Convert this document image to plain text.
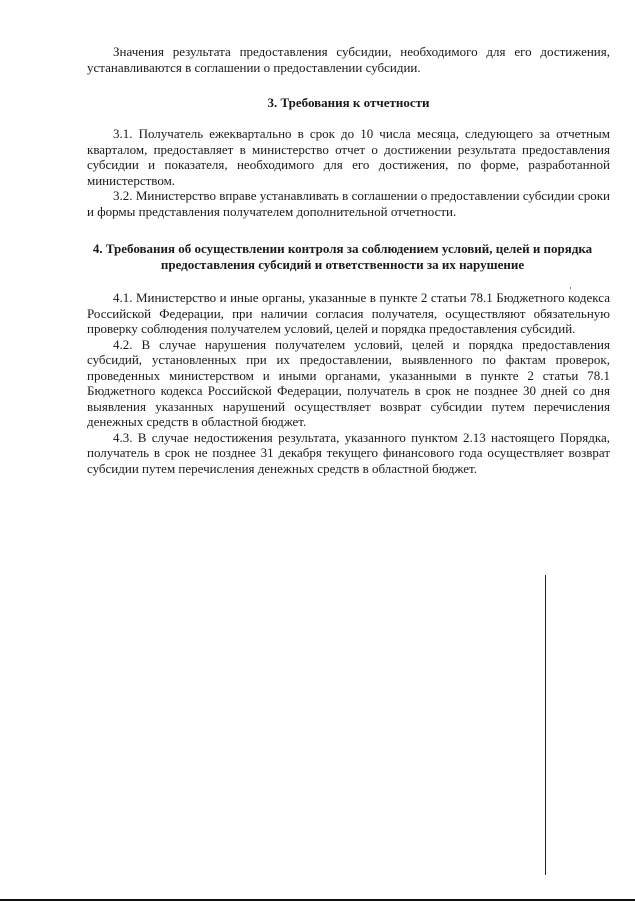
Значения результата предоставления субсидии, необходимого для его достижения, устанавливаются в соглашении о предоставлении субсидии.

3. Требования к отчетности

3.1. Получатель ежеквартально в срок до 10 числа месяца, следующего за отчетным кварталом, предоставляет в министерство отчет о достижении результата предоставления субсидии и показателя, необходимого для его достижения, по форме, разработанной министерством.

3.2. Министерство вправе устанавливать в соглашении о предоставлении субсидии сроки и формы представления получателем дополнительной отчетности.

4. Требования об осуществлении контроля за соблюдением условий, целей и порядка предоставления субсидий и ответственности за их нарушение

4.1. Министерство и иные органы, указанные в пункте 2 статьи 78.1 Бюджетного кодекса Российской Федерации, при наличии согласия получателя, осуществляют обязательную проверку соблюдения получателем условий, целей и порядка предоставления субсидий.

4.2. В случае нарушения получателем условий, целей и порядка предоставления субсидий, установленных при их предоставлении, выявленного по фактам проверок, проведенных министерством и иными органами, указанными в пункте 2 статьи 78.1 Бюджетного кодекса Российской Федерации, получатель в срок не позднее 30 дней со дня выявления указанных нарушений осуществляет возврат субсидии путем перечисления денежных средств в областной бюджет.

4.3. В случае недостижения результата, указанного пунктом 2.13 настоящего Порядка, получатель в срок не позднее 31 декабря текущего финансового года осуществляет возврат субсидии путем перечисления денежных средств в областной бюджет.
